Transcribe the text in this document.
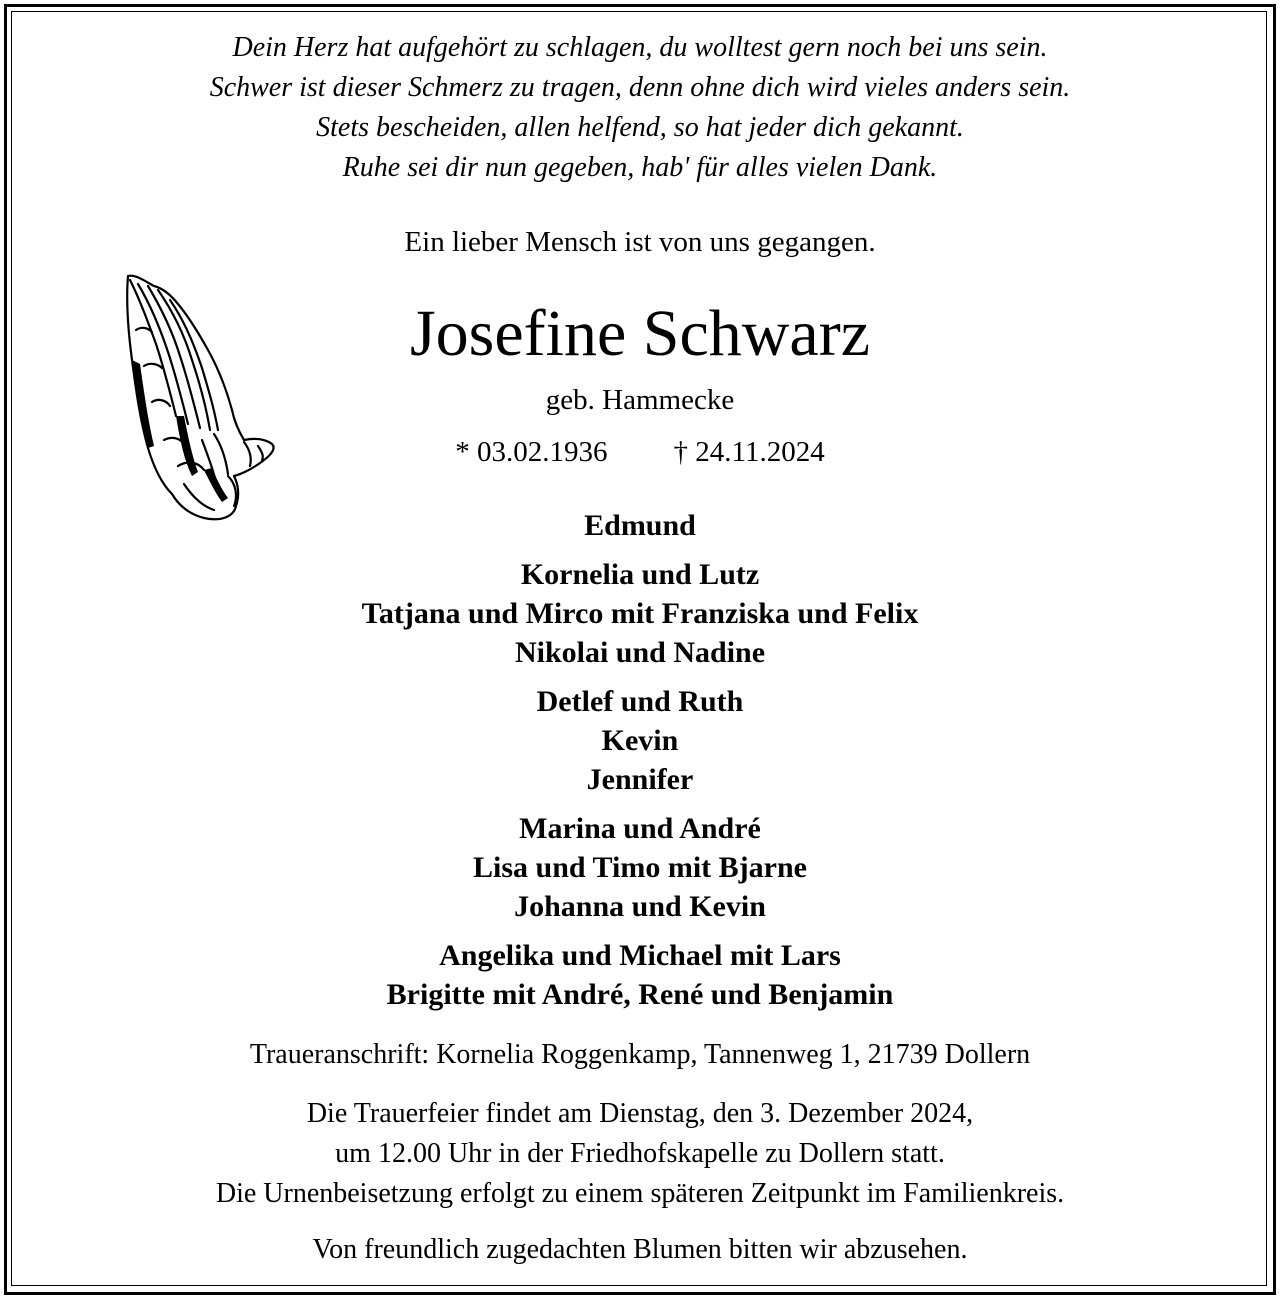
Dein Herz hat aufgehört zu schlagen, du wolltest gern noch bei uns sein.
Schwer ist dieser Schmerz zu tragen, denn ohne dich wird vieles anders sein.
Stets bescheiden, allen helfend, so hat jeder dich gekannt.
Ruhe sei dir nun gegeben, hab' für alles vielen Dank.
Ein lieber Mensch ist von uns gegangen.
Josefine Schwarz
geb. Hammecke
* 03.02.1936 † 24.11.2024
Edmund
Kornelia und Lutz
Tatjana und Mirco mit Franziska und Felix
Nikolai und Nadine
Detlef und Ruth
Kevin
Jennifer
Marina und André
Lisa und Timo mit Bjarne
Johanna und Kevin
Angelika und Michael mit Lars
Brigitte mit André, René und Benjamin
Traueranschrift: Kornelia Roggenkamp, Tannenweg 1, 21739 Dollern
Die Trauerfeier findet am Dienstag, den 3. Dezember 2024,
um 12.00 Uhr in der Friedhofskapelle zu Dollern statt.
Die Urnenbeisetzung erfolgt zu einem späteren Zeitpunkt im Familienkreis.
Von freundlich zugedachten Blumen bitten wir abzusehen.
